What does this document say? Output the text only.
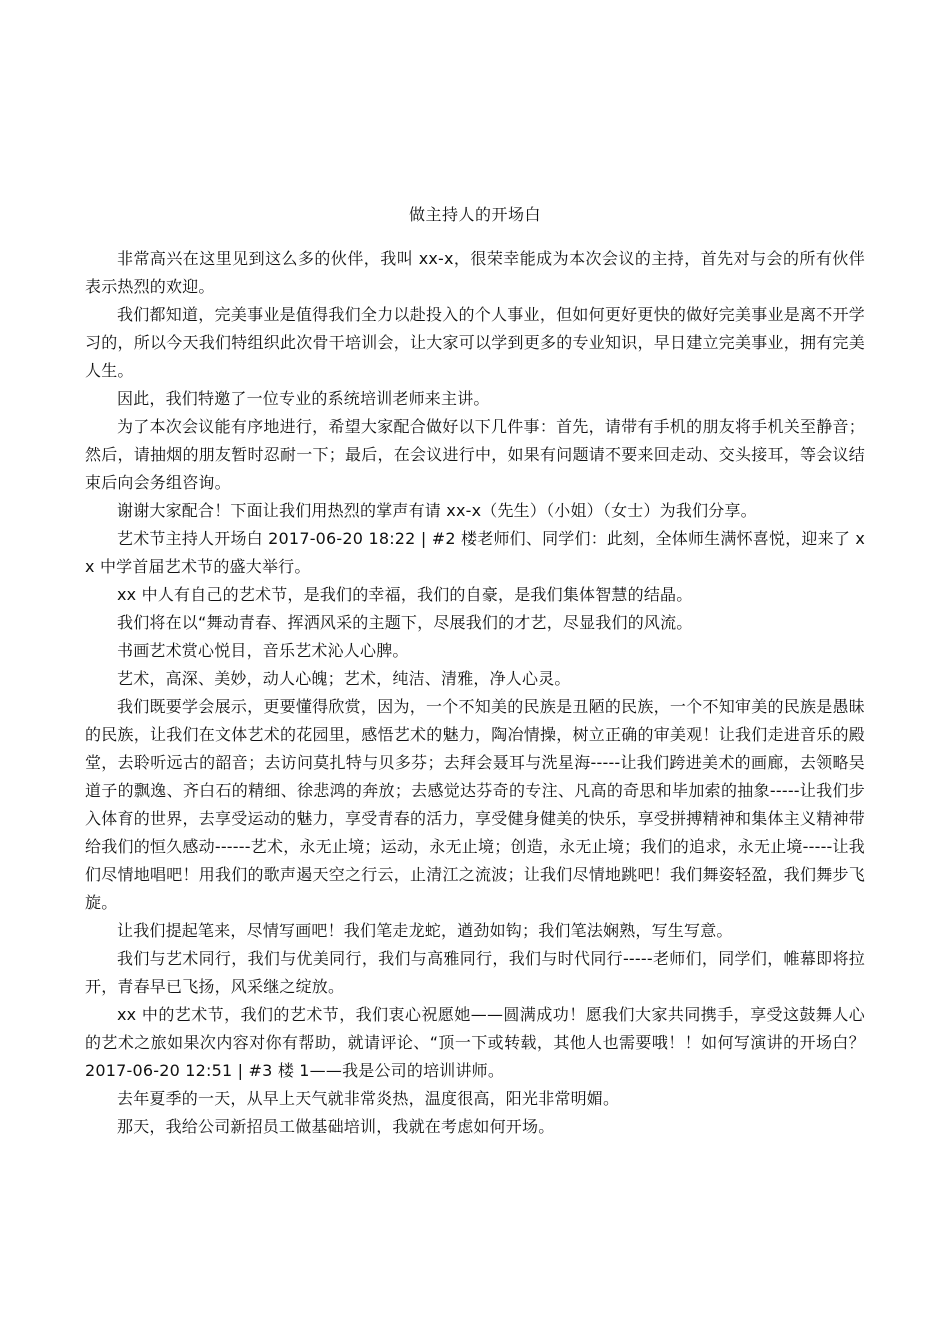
做主持人的开场白

非常高兴在这里见到这么多的伙伴，我叫 xx-x，很荣幸能成为本次会议的主持，首先对与会的所有伙伴表示热烈的欢迎。

我们都知道，完美事业是值得我们全力以赴投入的个人事业，但如何更好更快的做好完美事业是离不开学习的，所以今天我们特组织此次骨干培训会，让大家可以学到更多的专业知识，早日建立完美事业，拥有完美人生。

因此，我们特邀了一位专业的系统培训老师来主讲。

为了本次会议能有序地进行，希望大家配合做好以下几件事：首先，请带有手机的朋友将手机关至静音；然后，请抽烟的朋友暂时忍耐一下；最后，在会议进行中，如果有问题请不要来回走动、交头接耳，等会议结束后向会务组咨询。

谢谢大家配合！下面让我们用热烈的掌声有请 xx-x（先生）（小姐）（女士）为我们分享。

艺术节主持人开场白 2017-06-20 18:22 | #2 楼老师们、同学们：此刻，全体师生满怀喜悦，迎来了 xx 中学首届艺术节的盛大举行。

xx 中人有自己的艺术节，是我们的幸福，我们的自豪，是我们集体智慧的结晶。

我们将在以“舞动青春、挥洒风采的主题下，尽展我们的才艺，尽显我们的风流。

书画艺术赏心悦目，音乐艺术沁人心脾。

艺术，高深、美妙，动人心魄；艺术，纯洁、清雅，净人心灵。

我们既要学会展示，更要懂得欣赏，因为，一个不知美的民族是丑陋的民族，一个不知审美的民族是愚昧的民族，让我们在文体艺术的花园里，感悟艺术的魅力，陶冶情操，树立正确的审美观！让我们走进音乐的殿堂，去聆听远古的韶音；去访问莫扎特与贝多芬；去拜会聂耳与洗星海-----让我们跨进美术的画廊，去领略吴道子的飘逸、齐白石的精细、徐悲鸿的奔放；去感觉达芬奇的专注、凡高的奇思和毕加索的抽象-----让我们步入体育的世界，去享受运动的魅力，享受青春的活力，享受健身健美的快乐，享受拼搏精神和集体主义精神带给我们的恒久感动------艺术，永无止境；运动，永无止境；创造，永无止境；我们的追求，永无止境-----让我们尽情地唱吧！用我们的歌声遏天空之行云，止清江之流波；让我们尽情地跳吧！我们舞姿轻盈，我们舞步飞旋。

让我们提起笔来，尽情写画吧！我们笔走龙蛇，遒劲如钩；我们笔法娴熟，写生写意。

我们与艺术同行，我们与优美同行，我们与高雅同行，我们与时代同行-----老师们，同学们，帷幕即将拉开，青春早已飞扬，风采继之绽放。

xx 中的艺术节，我们的艺术节，我们衷心祝愿她——圆满成功！愿我们大家共同携手，享受这鼓舞人心的艺术之旅如果次内容对你有帮助，就请评论、“顶一下或转载，其他人也需要哦！！如何写演讲的开场白？2017-06-20 12:51 | #3 楼 1——我是公司的培训讲师。

去年夏季的一天，从早上天气就非常炎热，温度很高，阳光非常明媚。

那天，我给公司新招员工做基础培训，我就在考虑如何开场。
